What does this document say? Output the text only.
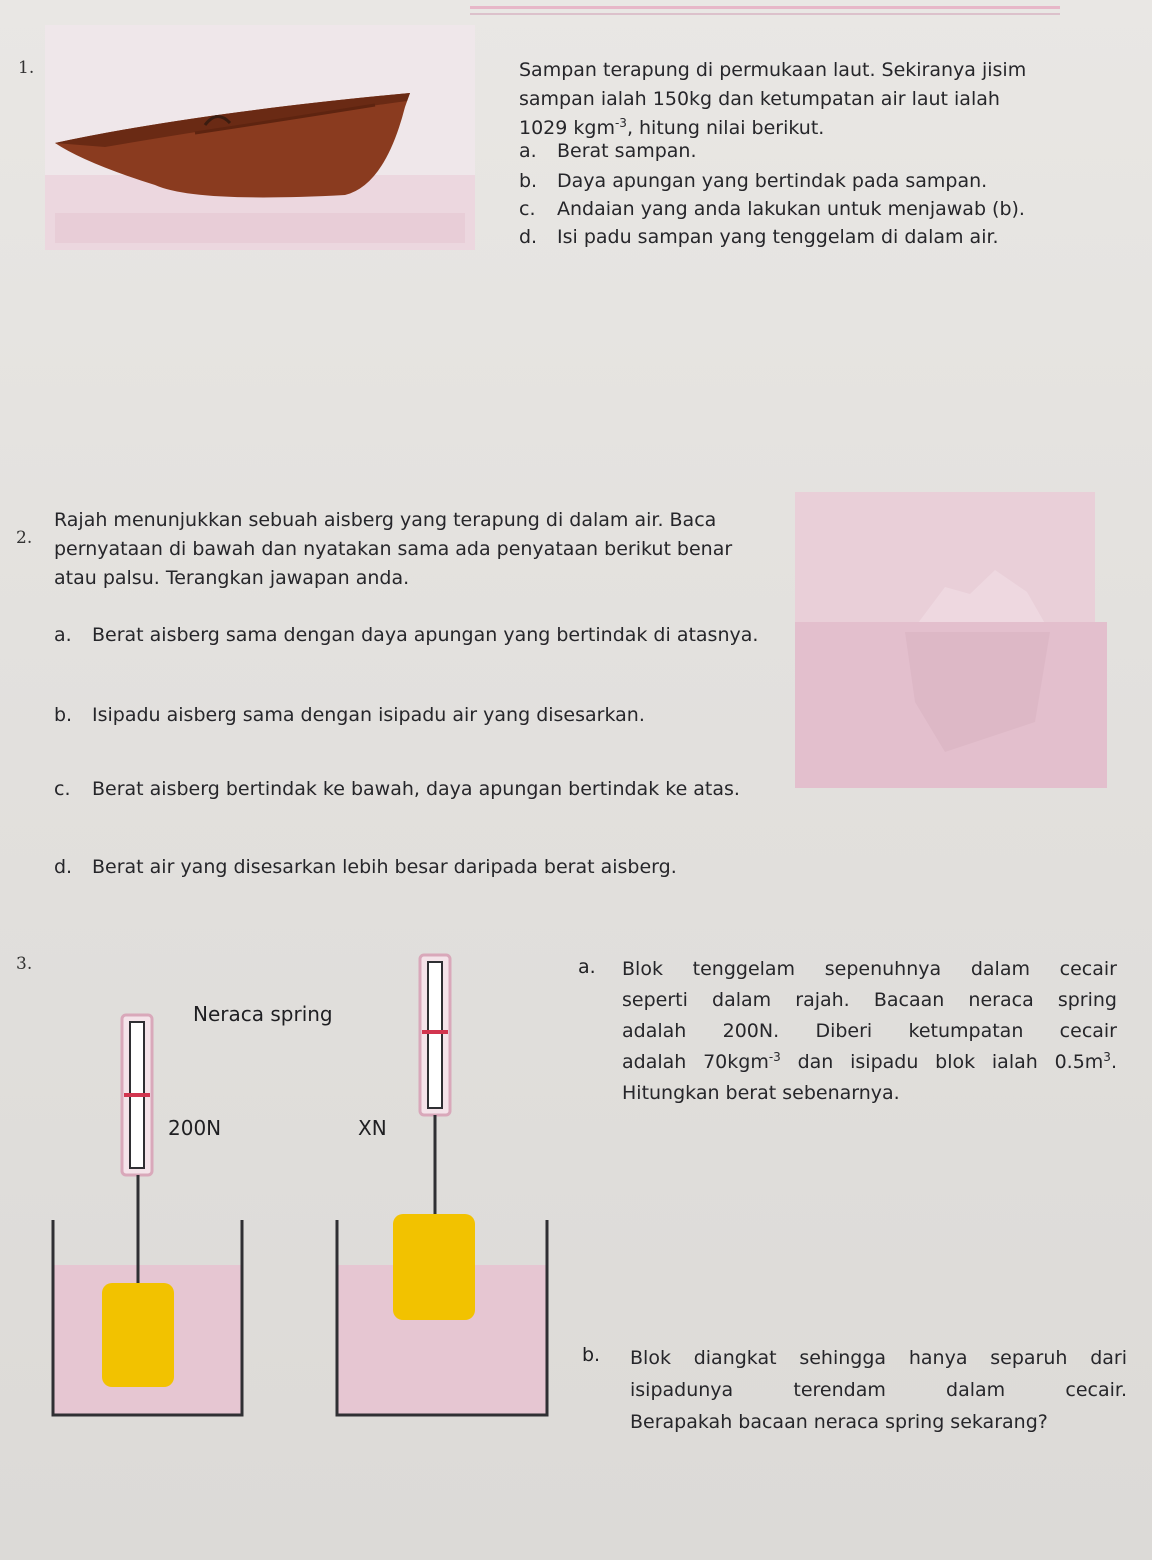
1.	Sampan terapung di permukaan laut. Sekiranya jisim

sampan ialah 150kg dan ketumpatan air laut ialah

1029 kgm$^{-3}$, hitung nilai berikut.

a. Berat sampan.
b. Daya apungan yang bertindak pada sampan.
c. Andaian yang anda lakukan untuk menjawab (b).
d. Isi padu sampan yang tenggelam di dalam air.
2.

Rajah menunjukkan sebuah aisberg yang terapung di dalam air. Baca

pernyataan di bawah dan nyatakan sama ada penyataan berikut benar

atau palsu. Terangkan jawapan anda.

a. Berat aisberg sama dengan daya apungan yang bertindak di atasnya.
b. Isipadu aisberg sama dengan isipadu air yang disesarkan.
c. Berat aisberg bertindak ke bawah, daya apungan bertindak ke atas.
d. Berat air yang disesarkan lebih besar daripada berat aisberg.
3.
Neraca spring
200N	XN
a. Blok tenggelam sepenuhnya dalam cecair

seperti dalam rajah. Bacaan neraca spring

adalah 200N. Diberi ketumpatan cecair

adalah 70kgm$^{-3}$ dan isipadu blok ialah $0.5m^3$.

Hitungkan berat sebenarnya.

b. Blok diangkat sehingga hanya separuh dari

isipadunya terendam dalam cecair.

Berapakah bacaan neraca spring sekarang?
